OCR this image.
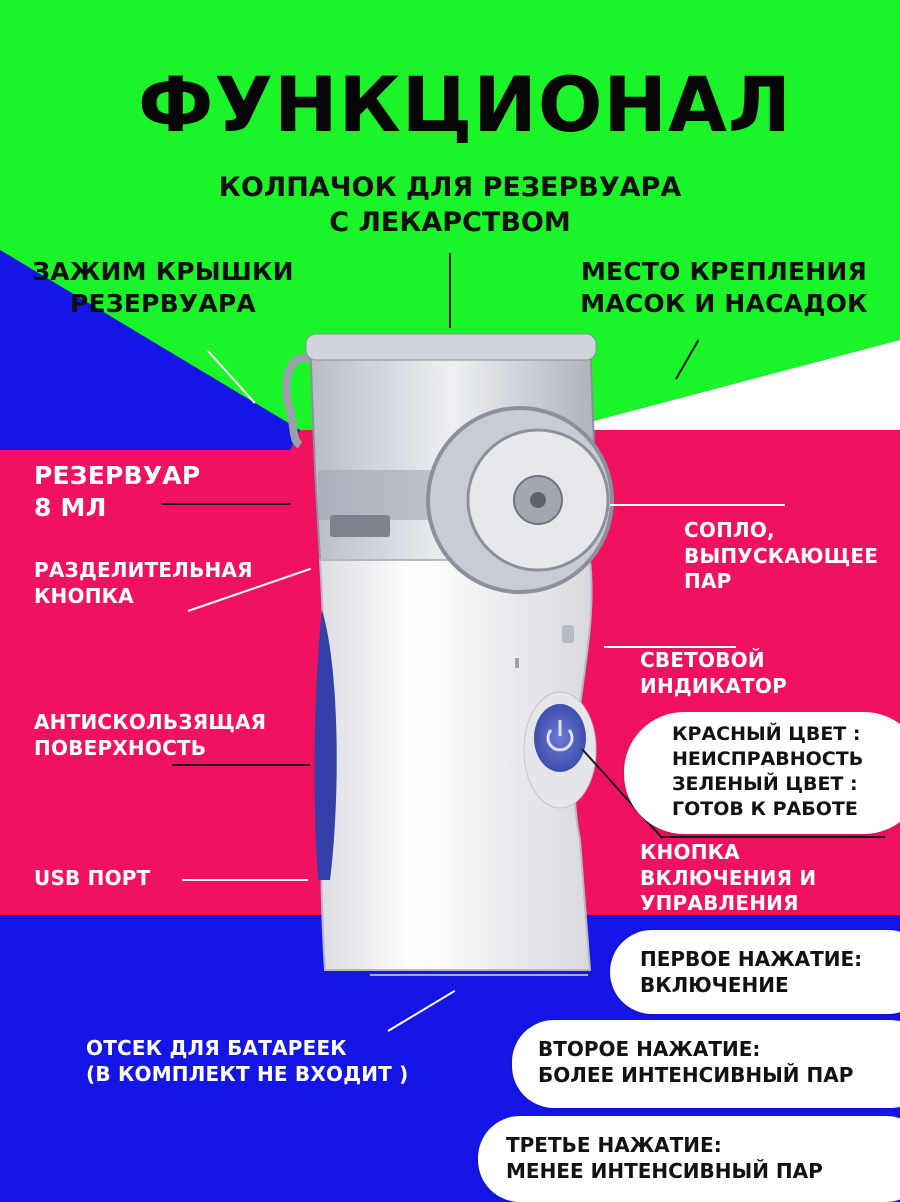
ФУНКЦИОНАЛ
КОЛПАЧОК ДЛЯ РЕЗЕРВУАРА
С ЛЕКАРСТВОМ
ЗАЖИМ КРЫШКИ
РЕЗЕРВУАРА
МЕСТО КРЕПЛЕНИЯ
МАСОК И НАСАДОК
РЕЗЕРВУАР
8 МЛ
РАЗДЕЛИТЕЛЬНАЯ
КНОПКА
СОПЛО,
ВЫПУСКАЮЩЕЕ
ПАР
СВЕТОВОЙ
ИНДИКАТОР
АНТИСКОЛЬЗЯЩАЯ
ПОВЕРХНОСТЬ
USB ПОРТ
КНОПКА
ВКЛЮЧЕНИЯ И
УПРАВЛЕНИЯ
ОТСЕК ДЛЯ БАТАРЕЕК
(В КОМПЛЕКТ НЕ ВХОДИТ )
КРАСНЫЙ ЦВЕТ :
НЕИСПРАВНОСТЬ
ЗЕЛЕНЫЙ ЦВЕТ :
ГОТОВ К РАБОТЕ
ПЕРВОЕ НАЖАТИЕ:
ВКЛЮЧЕНИЕ
ВТОРОЕ НАЖАТИЕ:
БОЛЕЕ ИНТЕНСИВНЫЙ ПАР
ТРЕТЬЕ НАЖАТИЕ:
МЕНЕЕ ИНТЕНСИВНЫЙ ПАР
